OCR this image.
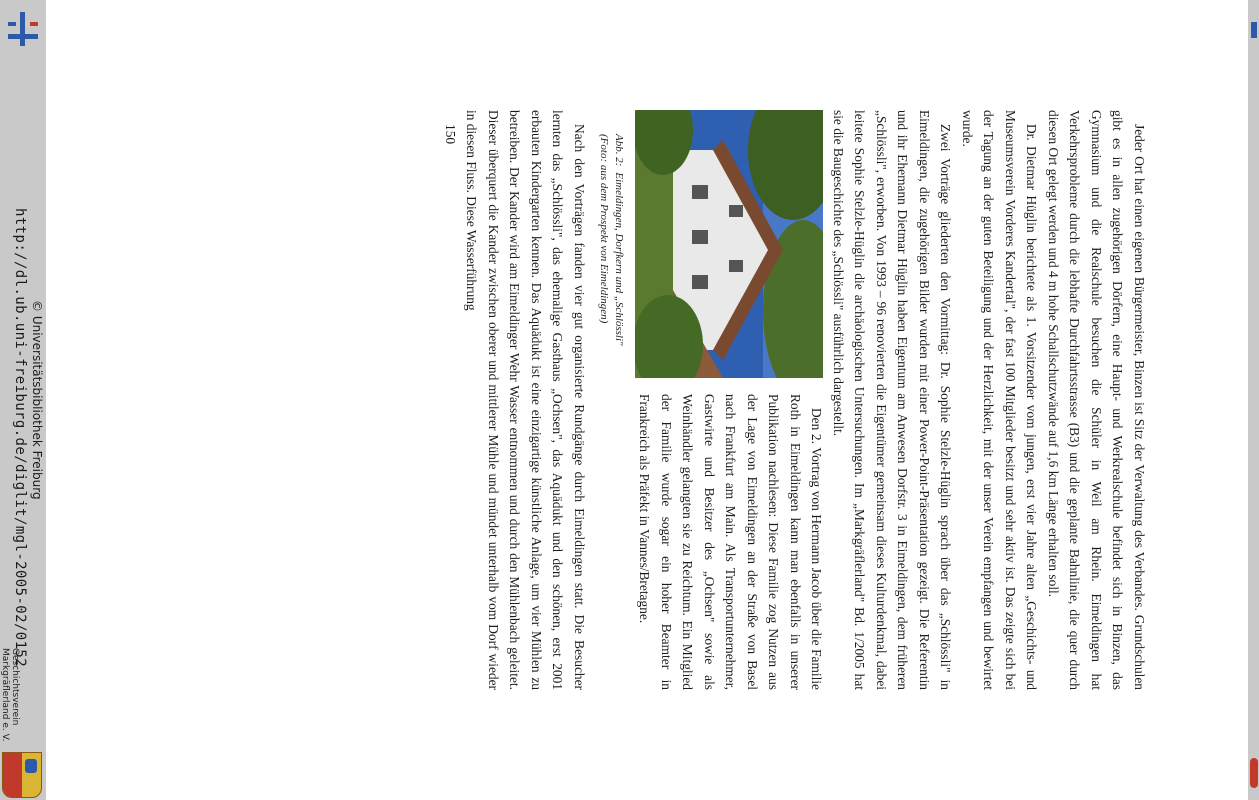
http://dl.ub.uni-freiburg.de/diglit/mgl-2005-02/0152 © Universitätsbibliothek Freiburg
Geschichtsverein
Markgräflerland e. V.

Jeder Ort hat einen eigenen Bürgermeister, Binzen ist Sitz der Verwaltung des Verbandes. Grundschulen gibt es in allen zugehörigen Dörfern, eine Haupt- und Werkrealschule befindet sich in Binzen, das Gymnasium und die Realschule besuchen die Schüler in Weil am Rhein. Eimeldingen hat Verkehrsprobleme durch die lebhafte Durchfahrtsstrasse (B3) und die geplante Bahnlinie, die quer durch diesen Ort gelegt werden und 4 m hohe Schallschutzwände auf 1,6 km Länge erhalten soll.

Dr. Dietmar Hüglin berichtete als 1. Vorsitzender vom jungen, erst vier Jahre alten „Geschichts- und Museumsverein Vorderes Kandertal", der fast 100 Mitglieder besitzt und sehr aktiv ist. Das zeigte sich bei der Tagung an der guten Beteiligung und der Herzlichkeit, mit der unser Verein empfangen und bewirtet wurde.

Zwei Vorträge gliederten den Vormittag: Dr. Sophie Stelzle-Hüglin sprach über das „Schlössli" in Eimeldingen, die zugehörigen Bilder wurden mit einer Power-Point-Präsentation gezeigt. Die Referentin und ihr Ehemann Dietmar Hüglin haben Eigentum am Anwesen Dorfstr. 3 in Eimeldingen, dem früheren „Schlössli", erworben. Von 1993 – 96 renovierten die Eigentümer gemeinsam dieses Kulturdenkmal, dabei leitete Sophie Stelzle-Hüglin die archäologischen Untersuchungen. Im „Markgräflerland" Bd. 1/2005 hat sie die Baugeschichte des „Schlössli" ausführlich dargestellt.

Den 2. Vortrag von Hermann Jacob über die Familie Roth in Eimeldingen kann man ebenfalls in unserer Publikation nachlesen: Diese Familie zog Nutzen aus der Lage von Eimeldingen an der Straße von Basel nach Frankfurt am Main. Als Transportunternehmer, Gastwirte und Besitzer des „Ochsen" sowie als Weinhändler gelangten sie zu Reichtum. Ein Mitglied der Familie wurde sogar ein hoher Beamter in Frankreich als Präfekt in Vannes/Bretagne.

Abb. 2:Eimeldingen, Dorfkern und „Schlössli"
(Foto: aus dem Prospekt von Eimeldingen)

Nach den Vorträgen fanden vier gut organisierte Rundgänge durch Eimeldingen statt. Die Besucher lernten das „Schlössli", das ehemalige Gasthaus „Ochsen", das Aquädukt und den schönen, erst 2001 erbauten Kindergarten kennen. Das Aquädukt ist eine einzigartige künstliche Anlage, um vier Mühlen zu betreiben. Der Kander wird am Eimeldinger Wehr Wasser entnommen und durch den Mühlenbach geleitet. Dieser überquert die Kander zwischen oberer und mittlerer Mühle und mündet unterhalb vom Dorf wieder in diesen Fluss. Diese Wasserführung

150
